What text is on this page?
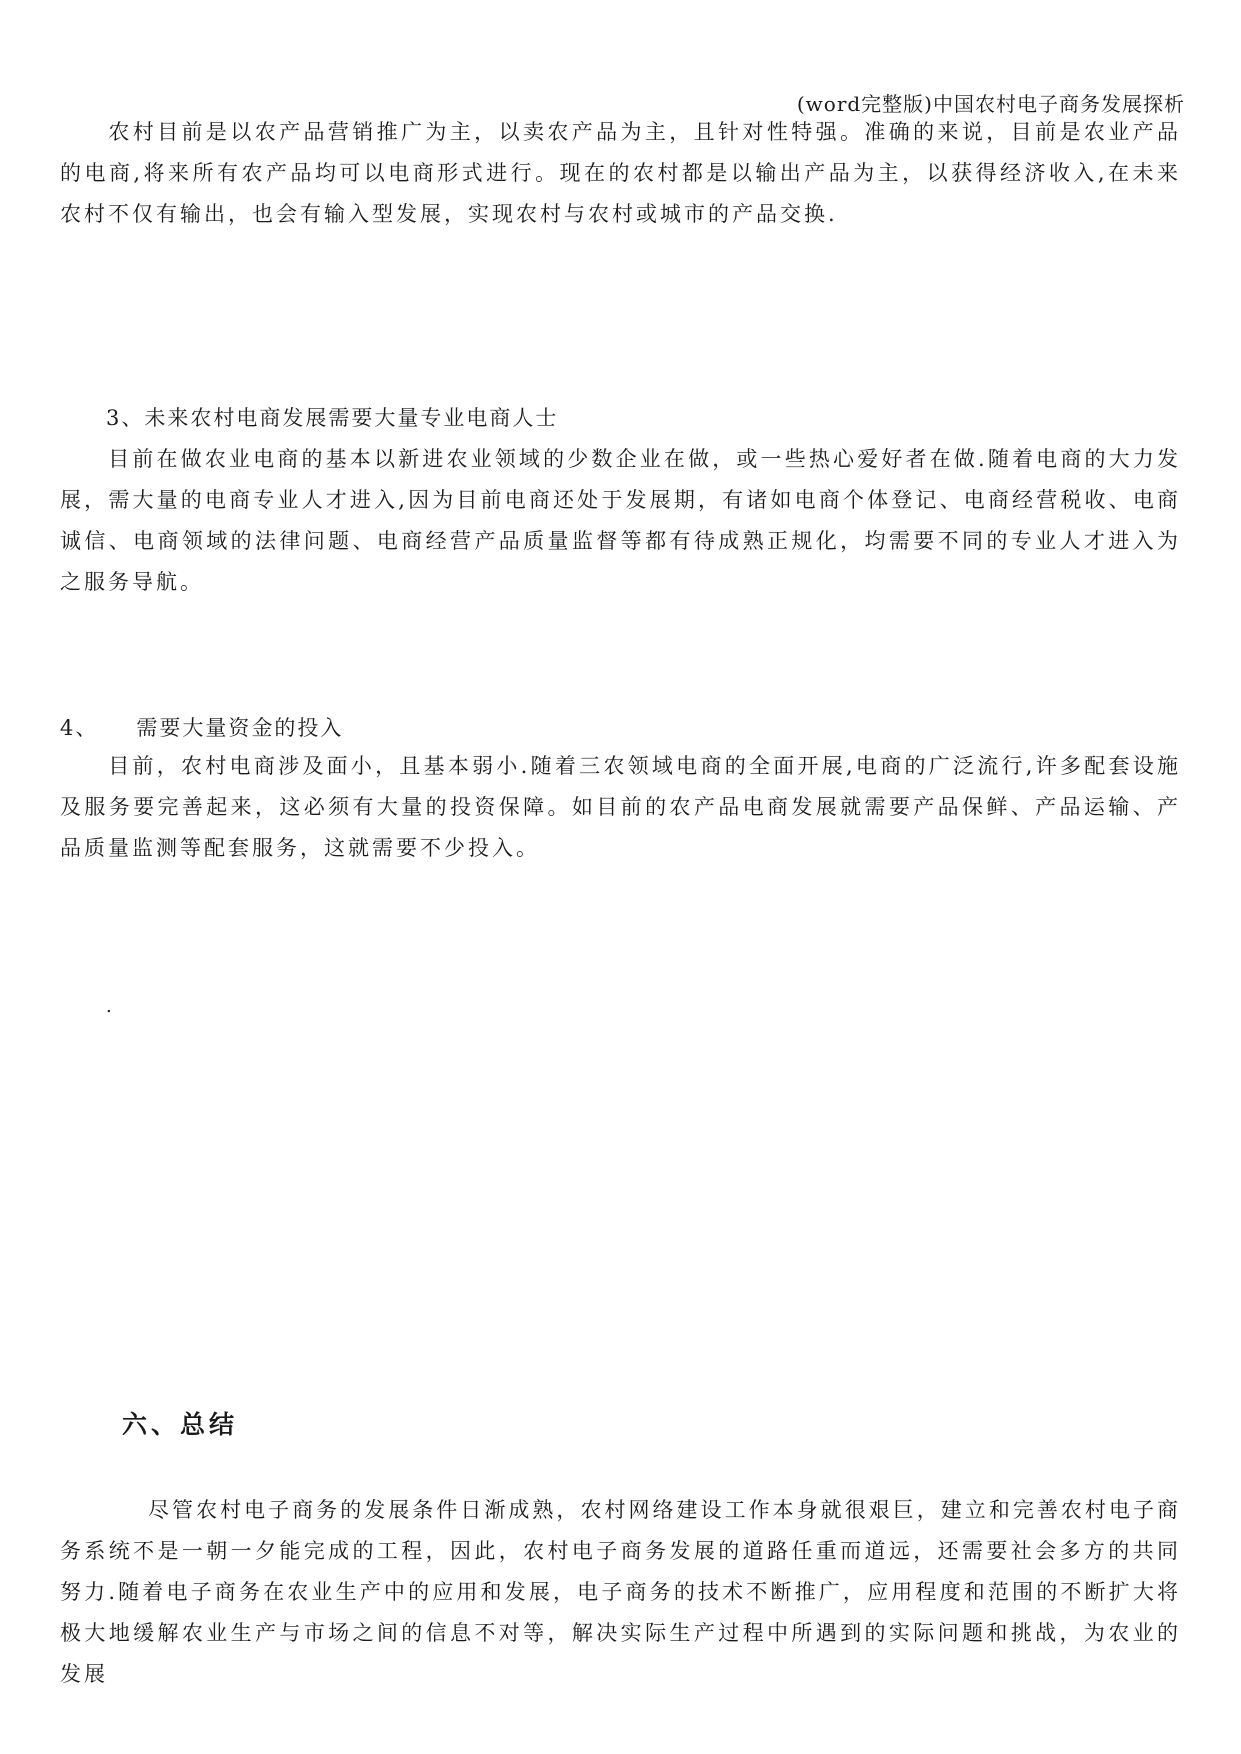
(word完整版)中国农村电子商务发展探析

农村目前是以农产品营销推广为主，以卖农产品为主，且针对性特强。准确的来说，目前是农业产品的电商,将来所有农产品均可以电商形式进行。现在的农村都是以输出产品为主，以获得经济收入,在未来农村不仅有输出，也会有输入型发展，实现农村与农村或城市的产品交换.

3、未来农村电商发展需要大量专业电商人士

目前在做农业电商的基本以新进农业领域的少数企业在做，或一些热心爱好者在做.随着电商的大力发展，需大量的电商专业人才进入,因为目前电商还处于发展期，有诸如电商个体登记、电商经营税收、电商诚信、电商领域的法律问题、电商经营产品质量监督等都有待成熟正规化，均需要不同的专业人才进入为之服务导航。

4、 需要大量资金的投入

目前，农村电商涉及面小，且基本弱小.随着三农领域电商的全面开展,电商的广泛流行,许多配套设施及服务要完善起来，这必须有大量的投资保障。如目前的农产品电商发展就需要产品保鲜、产品运输、产品质量监测等配套服务，这就需要不少投入。

.
六、总结

尽管农村电子商务的发展条件日渐成熟，农村网络建设工作本身就很艰巨，建立和完善农村电子商务系统不是一朝一夕能完成的工程，因此，农村电子商务发展的道路任重而道远，还需要社会多方的共同努力.随着电子商务在农业生产中的应用和发展，电子商务的技术不断推广，应用程度和范围的不断扩大将极大地缓解农业生产与市场之间的信息不对等，解决实际生产过程中所遇到的实际问题和挑战，为农业的发展
